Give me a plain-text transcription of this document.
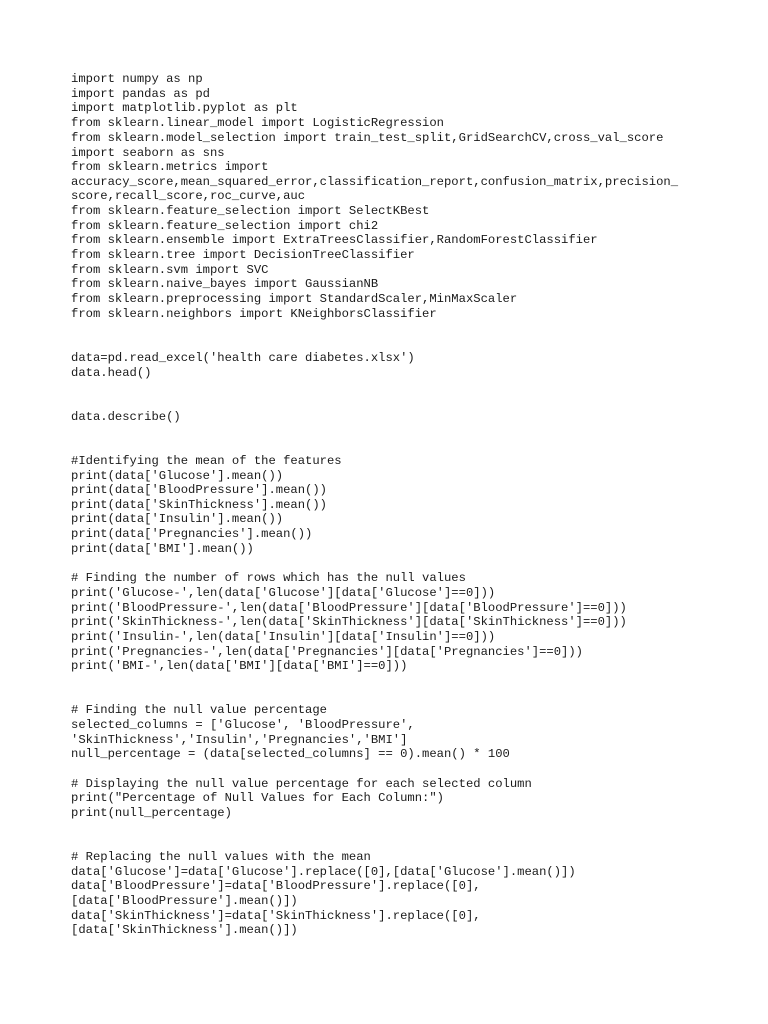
import numpy as np
import pandas as pd
import matplotlib.pyplot as plt
from sklearn.linear_model import LogisticRegression
from sklearn.model_selection import train_test_split,GridSearchCV,cross_val_score
import seaborn as sns
from sklearn.metrics import
accuracy_score,mean_squared_error,classification_report,confusion_matrix,precision_
score,recall_score,roc_curve,auc
from sklearn.feature_selection import SelectKBest
from sklearn.feature_selection import chi2
from sklearn.ensemble import ExtraTreesClassifier,RandomForestClassifier
from sklearn.tree import DecisionTreeClassifier
from sklearn.svm import SVC
from sklearn.naive_bayes import GaussianNB
from sklearn.preprocessing import StandardScaler,MinMaxScaler
from sklearn.neighbors import KNeighborsClassifier
data=pd.read_excel('health care diabetes.xlsx')
data.head()
data.describe()
#Identifying the mean of the features
print(data['Glucose'].mean())
print(data['BloodPressure'].mean())
print(data['SkinThickness'].mean())
print(data['Insulin'].mean())
print(data['Pregnancies'].mean())
print(data['BMI'].mean())
# Finding the number of rows which has the null values
print('Glucose-',len(data['Glucose'][data['Glucose']==0]))
print('BloodPressure-',len(data['BloodPressure'][data['BloodPressure']==0]))
print('SkinThickness-',len(data['SkinThickness'][data['SkinThickness']==0]))
print('Insulin-',len(data['Insulin'][data['Insulin']==0]))
print('Pregnancies-',len(data['Pregnancies'][data['Pregnancies']==0]))
print('BMI-',len(data['BMI'][data['BMI']==0]))
# Finding the null value percentage
selected_columns = ['Glucose', 'BloodPressure',
'SkinThickness','Insulin','Pregnancies','BMI']
null_percentage = (data[selected_columns] == 0).mean() * 100
# Displaying the null value percentage for each selected column
print("Percentage of Null Values for Each Column:")
print(null_percentage)
# Replacing the null values with the mean
data['Glucose']=data['Glucose'].replace([0],[data['Glucose'].mean()])
data['BloodPressure']=data['BloodPressure'].replace([0],
[data['BloodPressure'].mean()])
data['SkinThickness']=data['SkinThickness'].replace([0],
[data['SkinThickness'].mean()])
